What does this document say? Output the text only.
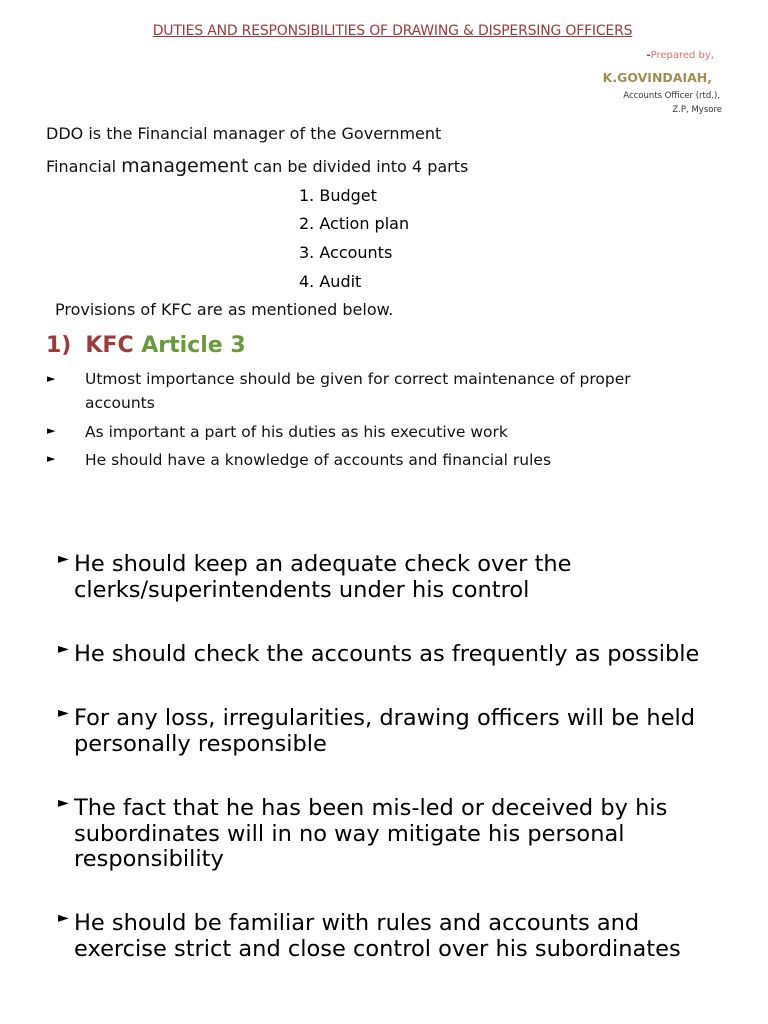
DUTIES AND RESPONSIBILITIES OF DRAWING & DISPERSING OFFICERS
-Prepared by,
K.GOVINDAIAH,
Accounts Officer (rtd.),
Z.P, Mysore
DDO is the Financial manager of the Government
Financial management can be divided into 4 parts
1. Budget
2. Action plan
3. Accounts
4. Audit
Provisions of KFC are as mentioned below.
1) KFC Article 3
► Utmost importance should be given for correct maintenance of proper accounts
► As important a part of his duties as his executive work
► He should have a knowledge of accounts and financial rules
► He should keep an adequate check over the clerks/superintendents under his control
► He should check the accounts as frequently as possible
► For any loss, irregularities, drawing officers will be held personally responsible
► The fact that he has been mis-led or deceived by his subordinates will in no way mitigate his personal responsibility
► He should be familiar with rules and accounts and exercise strict and close control over his subordinates
